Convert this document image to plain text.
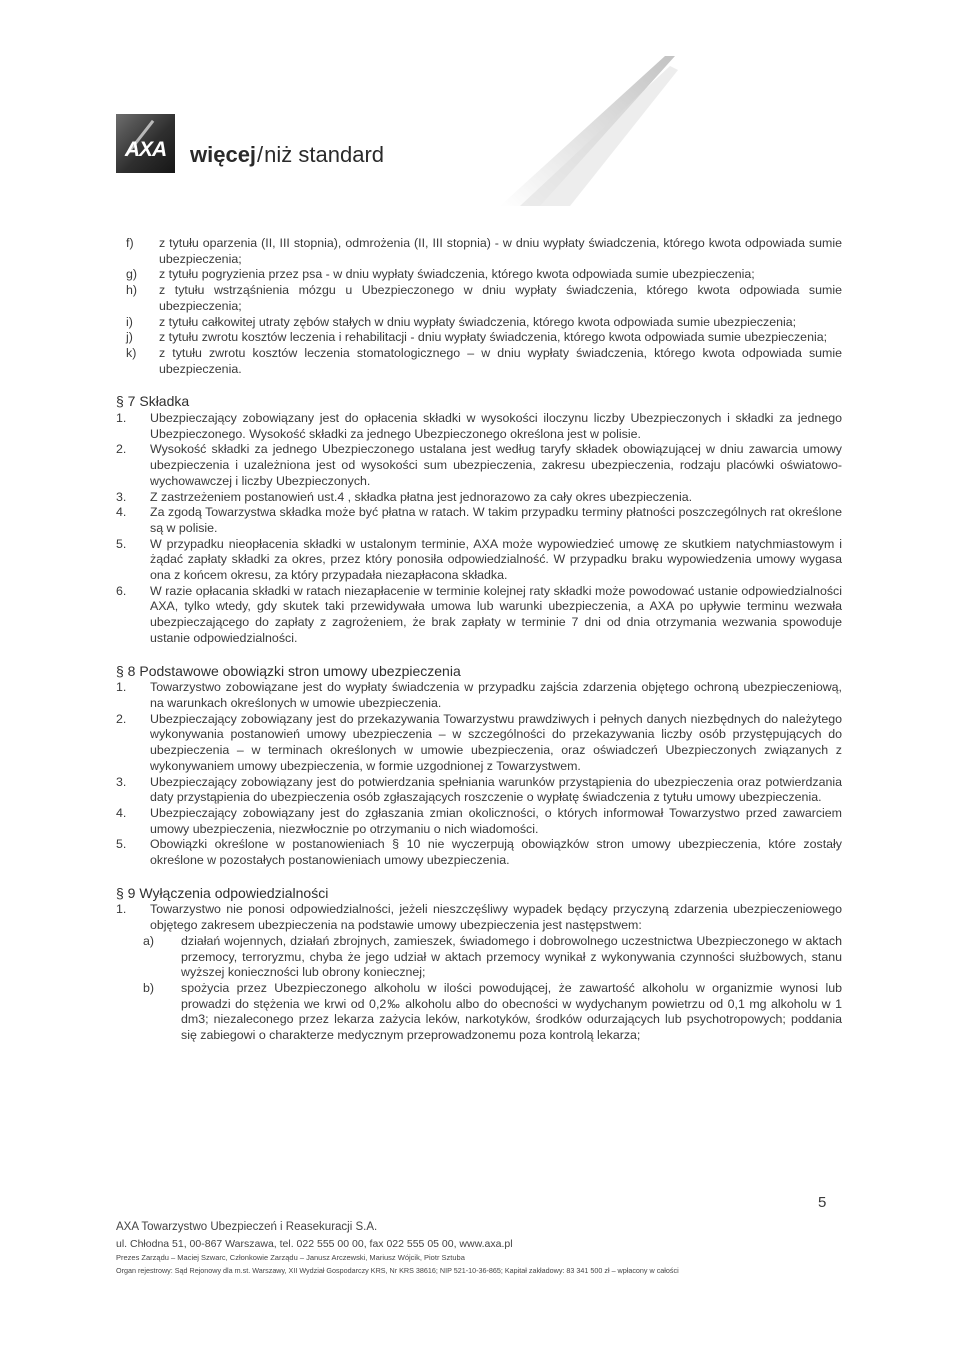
AXA	więcej/niż standard
f)	z tytułu oparzenia (II, III stopnia), odmrożenia (II, III stopnia) - w dniu wypłaty świadczenia, którego kwota odpowiada sumie ubezpieczenia;
g)	z tytułu pogryzienia przez psa - w dniu wypłaty świadczenia, którego kwota odpowiada sumie ubezpieczenia;
h)	z tytułu wstrząśnienia mózgu u Ubezpieczonego w dniu wypłaty świadczenia, którego kwota odpowiada sumie ubezpieczenia;
i)	z tytułu całkowitej utraty zębów stałych w dniu wypłaty świadczenia, którego kwota odpowiada sumie ubezpieczenia;
j)	z tytułu zwrotu kosztów leczenia i rehabilitacji - dniu wypłaty świadczenia, którego kwota odpowiada sumie ubezpieczenia;
k)	z tytułu zwrotu kosztów leczenia stomatologicznego – w dniu wypłaty świadczenia, którego kwota odpowiada sumie ubezpieczenia.
§ 7 Składka
1.	Ubezpieczający zobowiązany jest do opłacenia składki w wysokości iloczynu liczby Ubezpieczonych i składki za jednego Ubezpieczonego. Wysokość składki za jednego Ubezpieczonego określona jest w polisie.
2.	Wysokość składki za jednego Ubezpieczonego ustalana jest według taryfy składek obowiązującej w dniu zawarcia umowy ubezpieczenia i uzależniona jest od wysokości sum ubezpieczenia, zakresu ubezpieczenia, rodzaju placówki oświatowo-wychowawczej i liczby Ubezpieczonych.
3.	Z zastrzeżeniem postanowień ust.4 , składka płatna jest jednorazowo za cały okres ubezpieczenia.
4.	Za zgodą Towarzystwa składka może być płatna w ratach. W takim przypadku terminy płatności poszczególnych rat określone są w polisie.
5.	W przypadku nieopłacenia składki w ustalonym terminie, AXA może wypowiedzieć umowę ze skutkiem natychmiastowym i żądać zapłaty składki za okres, przez który ponosiła odpowiedzialność. W przypadku braku wypowiedzenia umowy wygasa ona z końcem okresu, za który przypadała niezapłacona składka.
6.	W razie opłacania składki w ratach niezapłacenie w terminie kolejnej raty składki może powodować ustanie odpowiedzialności AXA, tylko wtedy, gdy skutek taki przewidywała umowa lub warunki ubezpieczenia, a AXA po upływie terminu wezwała ubezpieczającego do zapłaty z zagrożeniem, że brak zapłaty w terminie 7 dni od dnia otrzymania wezwania spowoduje ustanie odpowiedzialności.
§ 8 Podstawowe obowiązki stron umowy ubezpieczenia
1.	Towarzystwo zobowiązane jest do wypłaty świadczenia w przypadku zajścia zdarzenia objętego ochroną ubezpieczeniową, na warunkach określonych w umowie ubezpieczenia.
2.	Ubezpieczający zobowiązany jest do przekazywania Towarzystwu prawdziwych i pełnych danych niezbędnych do należytego wykonywania postanowień umowy ubezpieczenia – w szczególności do przekazywania liczby osób przystępujących do ubezpieczenia – w terminach określonych w umowie ubezpieczenia, oraz oświadczeń Ubezpieczonych związanych z wykonywaniem umowy ubezpieczenia, w formie uzgodnionej z Towarzystwem.
3.	Ubezpieczający zobowiązany jest do potwierdzania spełniania warunków przystąpienia do ubezpieczenia oraz potwierdzania daty przystąpienia do ubezpieczenia osób zgłaszających roszczenie o wypłatę świadczenia z tytułu umowy ubezpieczenia.
4.	Ubezpieczający zobowiązany jest do zgłaszania zmian okoliczności, o których informował Towarzystwo przed zawarciem umowy ubezpieczenia, niezwłocznie po otrzymaniu o nich wiadomości.
5.	Obowiązki określone w postanowieniach § 10 nie wyczerpują obowiązków stron umowy ubezpieczenia, które zostały określone w pozostałych postanowieniach umowy ubezpieczenia.
§ 9 Wyłączenia odpowiedzialności
1.	Towarzystwo nie ponosi odpowiedzialności, jeżeli nieszczęśliwy wypadek będący przyczyną zdarzenia ubezpieczeniowego objętego zakresem ubezpieczenia na podstawie umowy ubezpieczenia jest następstwem:
a)	działań wojennych, działań zbrojnych, zamieszek, świadomego i dobrowolnego uczestnictwa Ubezpieczonego w aktach przemocy, terroryzmu, chyba że jego udział w aktach przemocy wynikał z wykonywania czynności służbowych, stanu wyższej konieczności lub obrony koniecznej;
b)	spożycia przez Ubezpieczonego alkoholu w ilości powodującej, że zawartość alkoholu w organizmie wynosi lub prowadzi do stężenia we krwi od 0,2‰ alkoholu albo do obecności w wydychanym powietrzu od 0,1 mg alkoholu w 1 dm3; niezaleconego przez lekarza zażycia leków, narkotyków, środków odurzających lub psychotropowych; poddania się zabiegowi o charakterze medycznym przeprowadzonemu poza kontrolą lekarza;
5
AXA Towarzystwo Ubezpieczeń i Reasekuracji S.A.
ul. Chłodna 51, 00-867 Warszawa, tel. 022 555 00 00, fax 022 555 05 00, www.axa.pl
Prezes Zarządu – Maciej Szwarc, Członkowie Zarządu – Janusz Arczewski, Mariusz Wójcik, Piotr Sztuba
Organ rejestrowy: Sąd Rejonowy dla m.st. Warszawy, XII Wydział Gospodarczy KRS, Nr KRS 38616; NIP 521-10-36-865; Kapitał zakładowy: 83 341 500 zł – wpłacony w całości
